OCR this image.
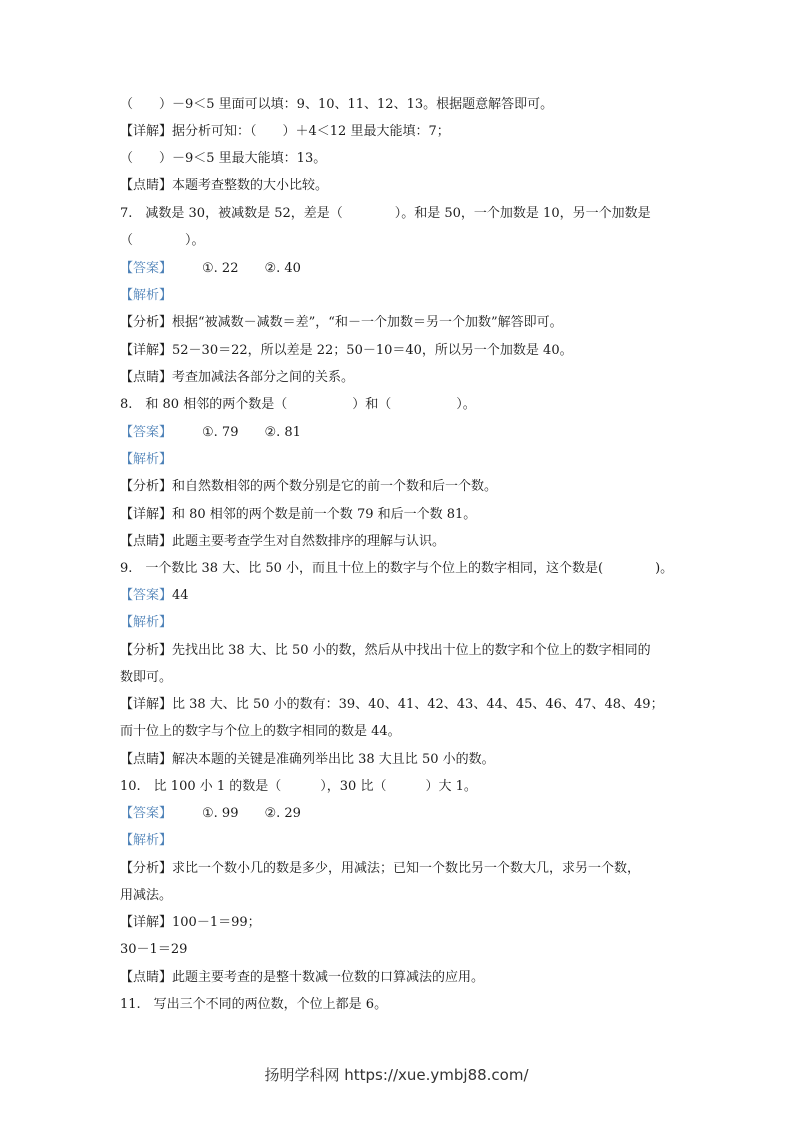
（　　）－9＜5 里面可以填：9、10、11、12、13。根据题意解答即可。
【详解】据分析可知：（　　）＋4＜12 里最大能填：7；
（　　）－9＜5 里最大能填：13。
【点睛】本题考查整数的大小比较。
7.　减数是 30，被减数是 52，差是（　　　　）。和是 50，一个加数是 10，另一个加数是
（　　　　）。
【答案】 ①. 22　　②. 40
【解析】
【分析】根据“被减数－减数＝差”，“和－一个加数＝另一个加数”解答即可。
【详解】52－30＝22，所以差是 22；50－10＝40，所以另一个加数是 40。
【点睛】考查加减法各部分之间的关系。
8.　和 80 相邻的两个数是（　　　　　）和（　　　　　）。
【答案】 ①. 79　　②. 81
【解析】
【分析】和自然数相邻的两个数分别是它的前一个数和后一个数。
【详解】和 80 相邻的两个数是前一个数 79 和后一个数 81。
【点睛】此题主要考查学生对自然数排序的理解与认识。
9.　一个数比 38 大、比 50 小，而且十位上的数字与个位上的数字相同，这个数是(　　　　)。
【答案】44
【解析】
【分析】先找出比 38 大、比 50 小的数，然后从中找出十位上的数字和个位上的数字相同的
数即可。
【详解】比 38 大、比 50 小的数有：39、40、41、42、43、44、45、46、47、48、49；
而十位上的数字与个位上的数字相同的数是 44。
【点睛】解决本题的关键是准确列举出比 38 大且比 50 小的数。
10.　比 100 小 1 的数是（　　　），30 比（　　　）大 1。
【答案】 ①. 99　　②. 29
【解析】
【分析】求比一个数小几的数是多少，用减法；已知一个数比另一个数大几，求另一个数，
用减法。
【详解】100－1＝99；
30－1＝29
【点睛】此题主要考查的是整十数减一位数的口算减法的应用。
11.　写出三个不同的两位数，个位上都是 6。
扬明学科网 https://xue.ymbj88.com/
